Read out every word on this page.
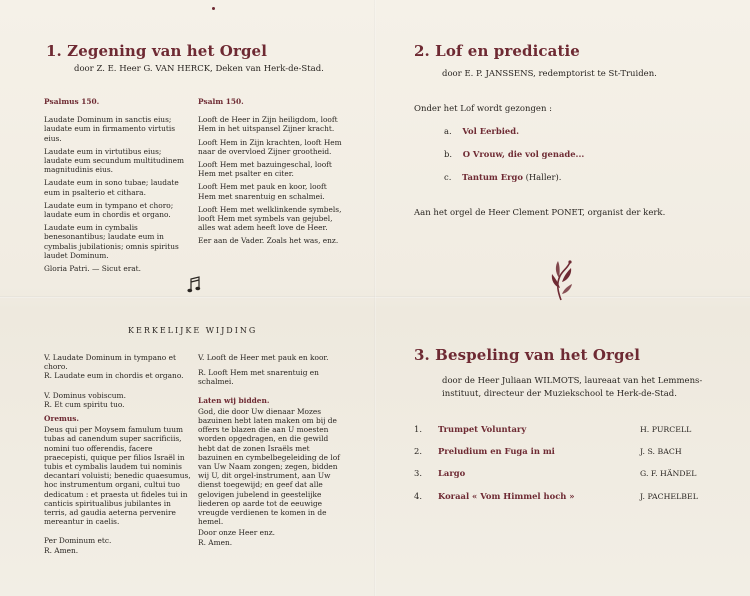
1. Zegening van het Orgel
door Z. E. Heer G. VAN HERCK, Deken van Herk-de-Stad.
Psalmus 150.

Laudate Dominum in sanctis eius; laudate eum in firmamento virtutis eius.

Laudate eum in virtutibus eius; laudate eum secundum multitudinem magnitudinis eius.

Laudate eum in sono tubae; laudate eum in psalterio et cithara.

Laudate eum in tympano et choro; laudate eum in chordis et organo.

Laudate eum in cymbalis benesonantibus; laudate eum in cymbalis jubilationis; omnis spiritus laudet Dominum.

Gloria Patri. — Sicut erat.

Psalm 150.

Looft de Heer in Zijn heiligdom, looft Hem in het uitspansel Zijner kracht.

Looft Hem in Zijn krachten, looft Hem naar de overvloed Zijner grootheid.

Looft Hem met bazuingeschal, looft Hem met psalter en citer.

Looft Hem met pauk en koor, looft Hem met snarentuig en schalmei.

Looft Hem met welklinkende symbels, looft Hem met symbels van gejubel, alles wat adem heeft love de Heer.

Eer aan de Vader. Zoals het was, enz.

KERKELIJKE WIJDING

V. Laudate Dominum in tympano et choro.

R. Laudate eum in chordis et organo.

V. Dominus vobiscum.

R. Et cum spiritu tuo.

Oremus.

Deus qui per Moysem famulum tuum tubas ad canendum super sacrificiis, nomini tuo offerendis, facere praecepisti, quique per filios Israël in tubis et cymbalis laudem tui nominis decantari voluisti; benedic quaesumus, hoc instrumentum organi, cultui tuo dedicatum : et praesta ut fideles tui in canticis spiritualibus jubilantes in terris, ad gaudia aeterna pervenire mereantur in caelis.

Per Dominum etc.

R. Amen.

V. Looft de Heer met pauk en koor.

R. Looft Hem met snarentuig en schalmei.

Laten wij bidden.

God, die door Uw dienaar Mozes bazuinen hebt laten maken om bij de offers te blazen die aan U moesten worden opgedragen, en die gewild hebt dat de zonen Israëls met bazuinen en cymbelbegeleiding de lof van Uw Naam zongen; zegen, bidden wij U, dit orgel-instrument, aan Uw dienst toegewijd; en geef dat alle gelovigen jubelend in geestelijke liederen op aarde tot de eeuwige vreugde verdienen te komen in de hemel.

Door onze Heer enz.

R. Amen.

2. Lof en predicatie
door E. P. JANSSENS, redemptorist te St-Truiden.
Onder het Lof wordt gezongen :
a. Vol Eerbied.
b. O Vrouw, die vol genade...
c. Tantum Ergo (Haller).
Aan het orgel de Heer Clement PONET, organist der kerk.
3. Bespeling van het Orgel
door de Heer Juliaan WILMOTS, laureaat van het Lemmens-
instituut, directeur der Muziekschool te Herk-de-Stad.
1. Trumpet Voluntary	H. PURCELL
2. Preludium en Fuga in mi	J. S. BACH
3. Largo	G. F. HÄNDEL
4. Koraal « Vom Himmel hoch »	J. PACHELBEL
